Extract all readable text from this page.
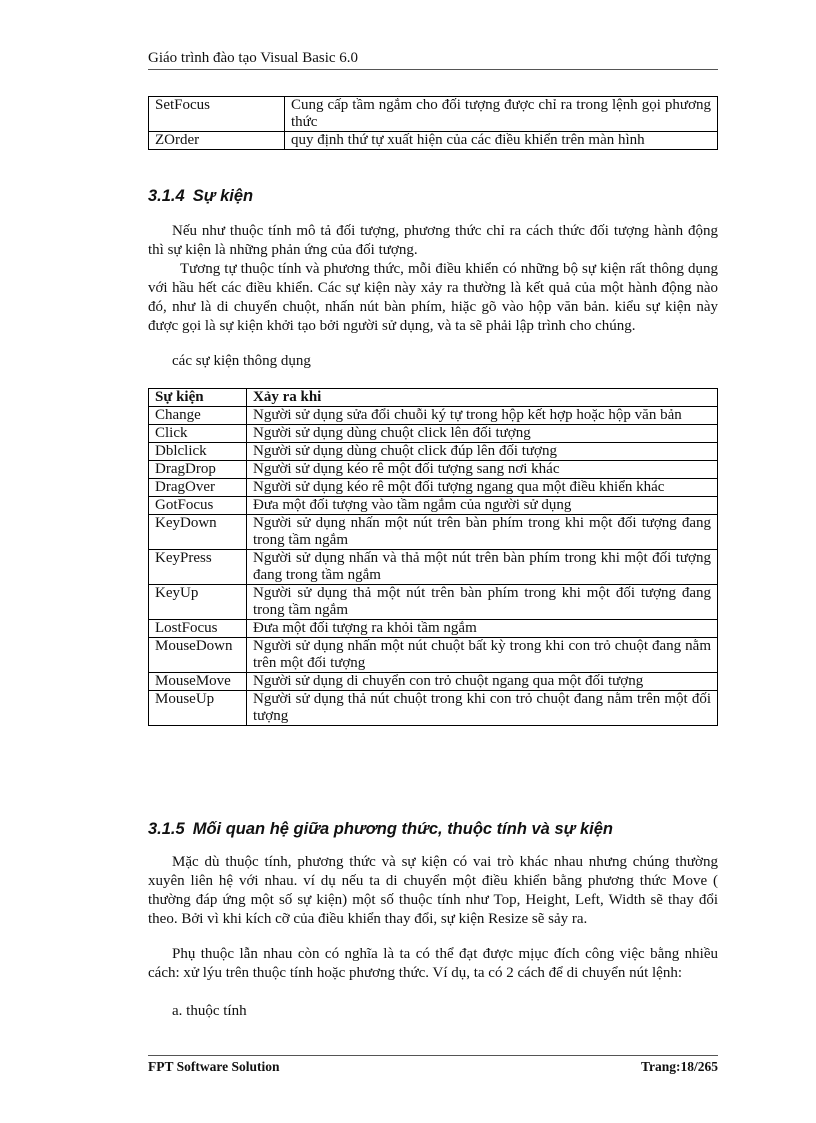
Giáo trình đào tạo Visual Basic 6.0
SetFocus	Cung cấp tầm ngắm cho đối tượng được chỉ ra trong lệnh gọi phương thức
ZOrder	quy định thứ tự xuất hiện của các điều khiển trên màn hình
3.1.4 Sự kiện
Nếu như thuộc tính mô tả đối tượng, phương thức chỉ ra cách thức đối tượng hành động thì sự kiện là những phản ứng của đối tượng.
Tương tự thuộc tính và phương thức, mỗi điều khiển có những bộ sự kiện rất thông dụng với hầu hết các điều khiển. Các sự kiện này xảy ra thường là kết quả của một hành động nào đó, như là di chuyển chuột, nhấn nút bàn phím, hiặc gõ vào hộp văn bản. kiểu sự kiện này được gọi là sự kiện khởi tạo bởi người sử dụng, và ta sẽ phải lập trình cho chúng.
các sự kiện thông dụng
Sự kiện	Xảy ra khi
Change	Người sử dụng sửa đổi chuỗi ký tự trong hộp kết hợp hoặc hộp văn bản
Click	Người sử dụng dùng chuột click lên đối tượng
Dblclick	Người sử dụng dùng chuột click đúp lên đối tượng
DragDrop	Người sử dụng kéo rê một đối tượng sang nơi khác
DragOver	Người sử dụng kéo rê một đối tượng ngang qua một điều khiển khác
GotFocus	Đưa một đối tượng vào tầm ngắm của người sử dụng
KeyDown	Người sử dụng nhấn một nút trên bàn phím trong khi một đối tượng đang trong tầm ngắm
KeyPress	Người sử dụng nhấn và thả một nút trên bàn phím trong khi một đối tượng đang trong tầm ngắm
KeyUp	Người sử dụng thả một nút trên bàn phím trong khi một đối tượng đang trong tầm ngắm
LostFocus	Đưa một đối tượng ra khỏi tầm ngắm
MouseDown	Người sử dụng nhấn một nút chuột bất kỳ trong khi con trỏ chuột đang nằm trên một đối tượng
MouseMove	Người sử dụng di chuyển con trỏ chuột ngang qua một đối tượng
MouseUp	Người sử dụng thả nút chuột trong khi con trỏ chuột đang nằm trên một đối tượng
3.1.5 Mối quan hệ giữa phương thức, thuộc tính và sự kiện
Mặc dù thuộc tính, phương thức và sự kiện có vai trò khác nhau nhưng chúng thường xuyên liên hệ với nhau. ví dụ nếu ta di chuyển một điều khiển bằng phương thức Move ( thường đáp ứng một số sự kiện) một số thuộc tính như Top, Height, Left, Width sẽ thay đổi theo. Bởi vì khi kích cỡ của điều khiển thay đổi, sự kiện Resize sẽ sảy ra.
Phụ thuộc lẫn nhau còn có nghĩa là ta có thể đạt được mịục đích công việc bằng nhiều cách: xử lýu trên thuộc tính hoặc phương thức. Ví dụ, ta có 2 cách để di chuyển nút lệnh:
a. thuộc tính
FPT Software Solution	Trang:18/265
